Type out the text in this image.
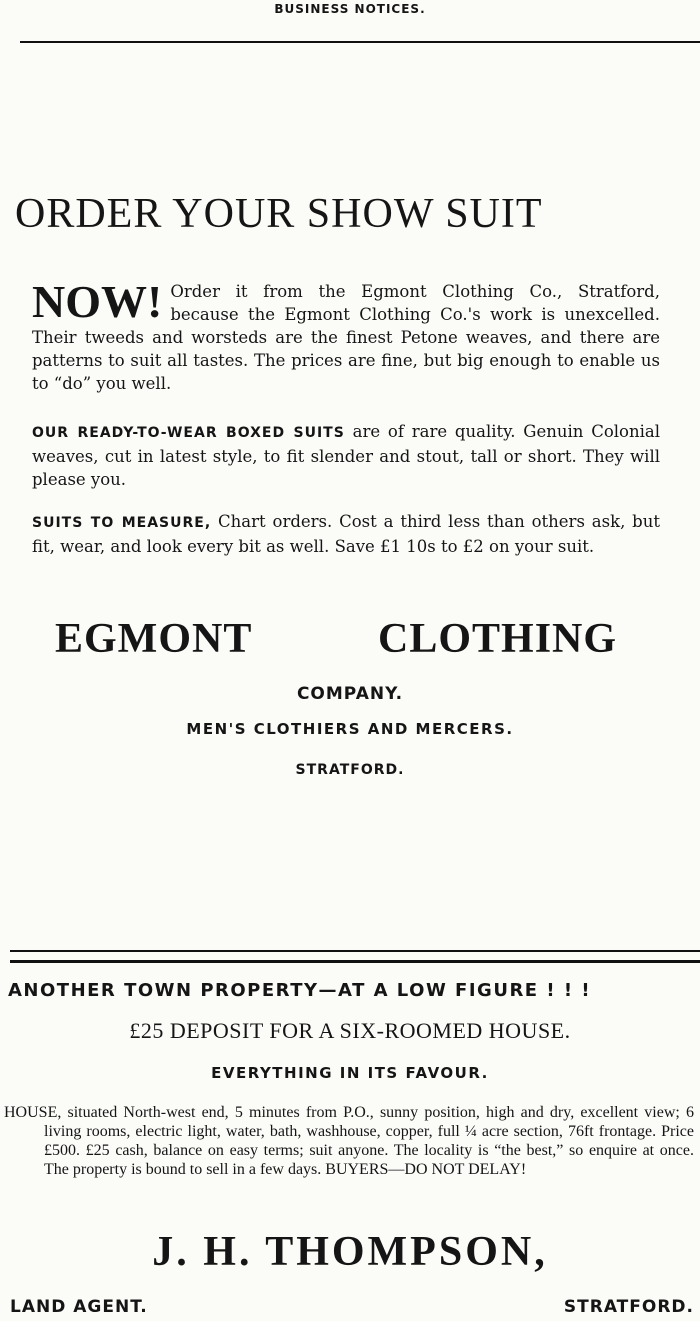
BUSINESS NOTICES.
ORDER YOUR SHOW SUIT
NOW! Order it from the Egmont Clothing Co., Stratford, because the Egmont Clothing Co.'s work is unexcelled. Their tweeds and worsteds are the finest Petone weaves, and there are patterns to suit all tastes. The prices are fine, but big enough to enable us to “do” you well.
OUR READY-TO-WEAR BOXED SUITS are of rare quality. Genuin Colonial weaves, cut in latest style, to fit slender and stout, tall or short. They will please you.
SUITS TO MEASURE, Chart orders. Cost a third less than others ask, but fit, wear, and look every bit as well. Save £1 10s to £2 on your suit.
EGMONT	CLOTHING
COMPANY.
MEN'S CLOTHIERS AND MERCERS.
STRATFORD.
ANOTHER TOWN PROPERTY—AT A LOW FIGURE ! ! !
£25 DEPOSIT FOR A SIX-ROOMED HOUSE.
EVERYTHING IN ITS FAVOUR.
HOUSE, situated North-west end, 5 minutes from P.O., sunny position, high and dry, excellent view; 6 living rooms, electric light, water, bath, washhouse, copper, full ¼ acre section, 76ft frontage. Price £500. £25 cash, balance on easy terms; suit anyone. The locality is “the best,” so enquire at once. The property is bound to sell in a few days. BUYERS—DO NOT DELAY!
J. H. THOMPSON,
LAND AGENT.	STRATFORD.
